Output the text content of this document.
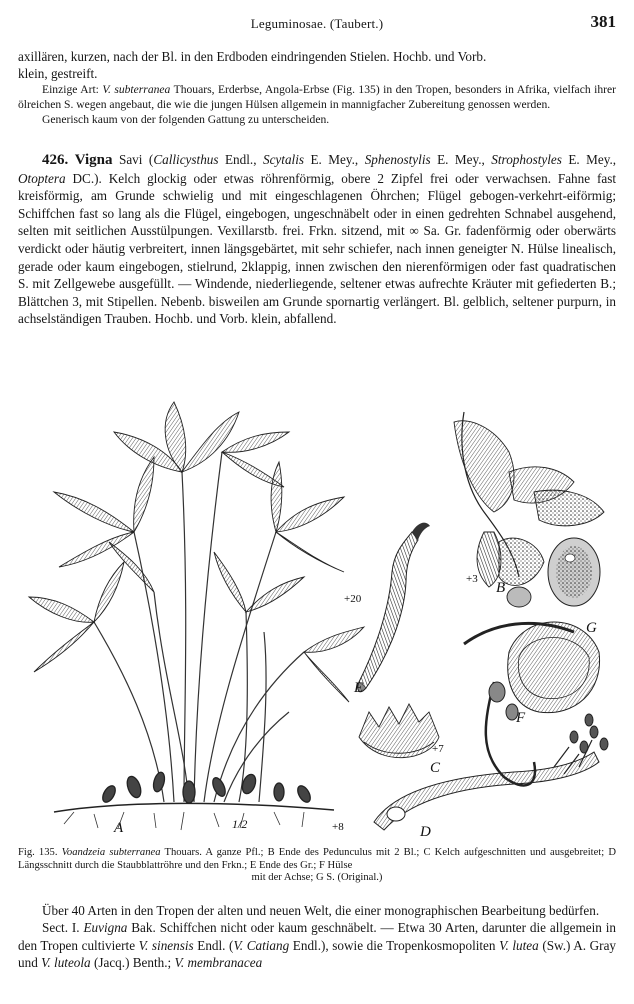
Leguminosae. (Taubert.)	381

axillären, kurzen, nach der Bl. in den Erdboden eindringenden Stielen. Hochb. und Vorb.

klein, gestreift.

Einzige Art: V. subterranea Thouars, Erderbse, Angola-Erbse (Fig. 135) in den Tropen, besonders in Afrika, vielfach ihrer ölreichen S. wegen angebaut, die wie die jungen Hülsen allgemein in mannigfacher Zubereitung genossen werden.

Generisch kaum von der folgenden Gattung zu unterscheiden.

426. Vigna Savi (Callicysthus Endl., Scytalis E. Mey., Sphenostylis E. Mey., Strophostyles E. Mey., Otoptera DC.). Kelch glockig oder etwas röhrenförmig, obere 2 Zipfel frei oder verwachsen. Fahne fast kreisförmig, am Grunde schwielig und mit eingeschlagenen Öhrchen; Flügel gebogen-verkehrt-eiförmig; Schiffchen fast so lang als die Flügel, eingebogen, ungeschnäbelt oder in einen gedrehten Schnabel ausgehend, selten mit seitlichen Ausstülpungen. Vexillarstb. frei. Frkn. sitzend, mit ∞ Sa. Gr. fadenförmig oder oberwärts verdickt oder häutig verbreitert, innen längsgebärtet, mit sehr schiefer, nach innen geneigter N. Hülse linealisch, gerade oder kaum eingebogen, stielrund, 2klappig, innen zwischen den nierenförmigen oder fast quadratischen S. mit Zellgewebe ausgefüllt. — Windende, niederliegende, seltener etwas aufrechte Kräuter mit gefiederten B.; Blättchen 3, mit Stipellen. Nebenb. bisweilen am Grunde spornartig verlängert. Bl. gelblich, seltener purpurn, in achselständigen Trauben. Hochb. und Vorb. klein, abfallend.

A	1/2
B
+3
E
+20
G
F
C
+7
D
+8
Fig. 135. Voandzeia subterranea Thouars. A ganze Pfl.; B Ende des Pedunculus mit 2 Bl.; C Kelch aufgeschnitten und ausgebreitet; D Längsschnitt durch die Staubblattröhre und den Frkn.; E Ende des Gr.; F Hülse
mit der Achse; G S. (Original.)

Über 40 Arten in den Tropen der alten und neuen Welt, die einer monographischen Bearbeitung bedürfen.

Sect. I. Euvigna Bak. Schiffchen nicht oder kaum geschnäbelt. — Etwa 30 Arten, darunter die allgemein in den Tropen cultivierte V. sinensis Endl. (V. Catiang Endl.), sowie die Tropenkosmopoliten V. lutea (Sw.) A. Gray und V. luteola (Jacq.) Benth.; V. membranacea
